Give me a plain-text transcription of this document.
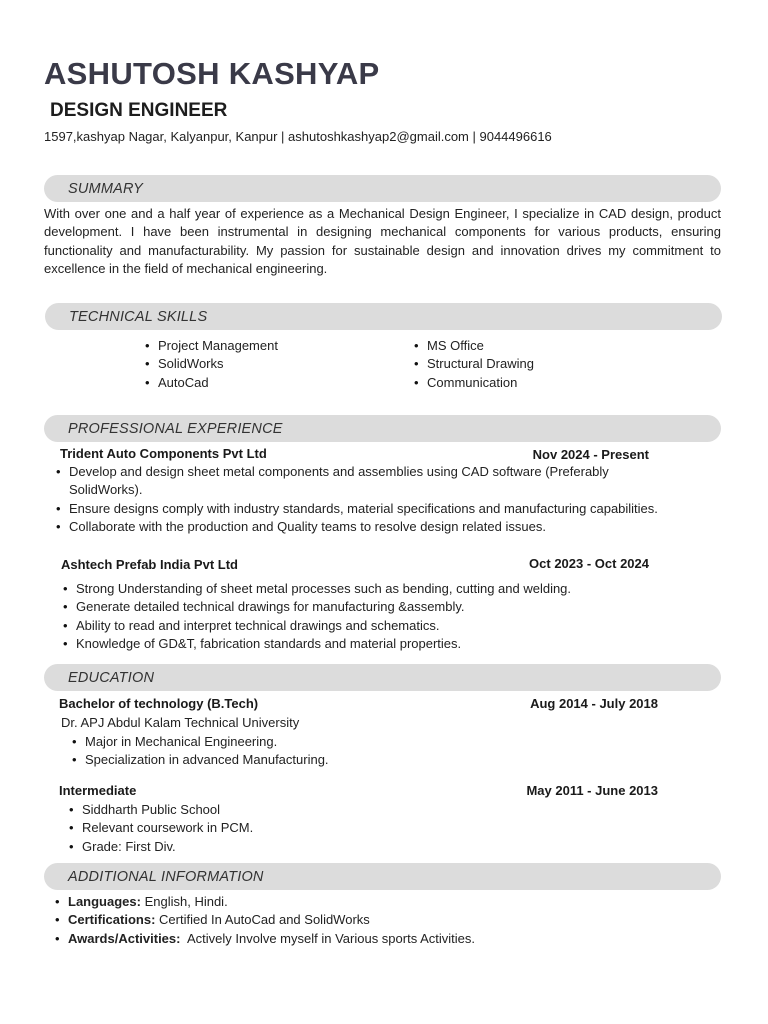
ASHUTOSH KASHYAP
DESIGN ENGINEER
1597,kashyap Nagar, Kalyanpur, Kanpur | ashutoshkashyap2@gmail.com | 9044496616
SUMMARY
With over one and a half year of experience as a Mechanical Design Engineer, I specialize in CAD design, product development. I have been instrumental in designing mechanical components for various products, ensuring functionality and manufacturability. My passion for sustainable design and innovation drives my commitment to excellence in the field of mechanical engineering.
TECHNICAL SKILLS
• Project Management
• SolidWorks
• AutoCad
• MS Office
• Structural Drawing
• Communication
PROFESSIONAL EXPERIENCE
Trident Auto Components Pvt Ltd	Nov 2024 - Present
• Develop and design sheet metal components and assemblies using CAD software (Preferably SolidWorks).
• Ensure designs comply with industry standards, material specifications and manufacturing capabilities.
• Collaborate with the production and Quality teams to resolve design related issues.
Ashtech Prefab India Pvt Ltd	Oct 2023 - Oct 2024
• Strong Understanding of sheet metal processes such as bending, cutting and welding.
• Generate detailed technical drawings for manufacturing &assembly.
• Ability to read and interpret technical drawings and schematics.
• Knowledge of GD&T, fabrication standards and material properties.
EDUCATION
Bachelor of technology (B.Tech)	Aug 2014 - July 2018
Dr. APJ Abdul Kalam Technical University
• Major in Mechanical Engineering.
• Specialization in advanced Manufacturing.
Intermediate	May 2011 - June 2013
• Siddharth Public School
• Relevant coursework in PCM.
• Grade: First Div.
ADDITIONAL INFORMATION
• Languages: English, Hindi.
• Certifications: Certified In AutoCad and SolidWorks
• Awards/Activities:  Actively Involve myself in Various sports Activities.
